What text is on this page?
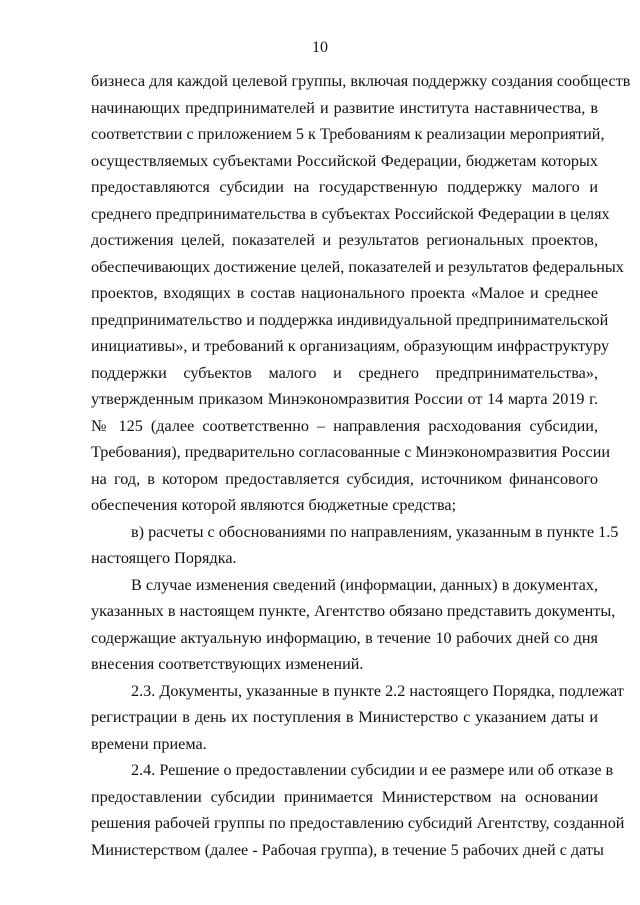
10
бизнеса для каждой целевой группы, включая поддержку создания сообществ
начинающих предпринимателей и развитие института наставничества, в
соответствии с приложением 5 к Требованиям к реализации мероприятий,
осуществляемых субъектами Российской Федерации, бюджетам которых
предоставляются субсидии на государственную поддержку малого и
среднего предпринимательства в субъектах Российской Федерации в целях
достижения целей, показателей и результатов региональных проектов,
обеспечивающих достижение целей, показателей и результатов федеральных
проектов, входящих в состав национального проекта «Малое и среднее
предпринимательство и поддержка индивидуальной предпринимательской
инициативы», и требований к организациям, образующим инфраструктуру
поддержки субъектов малого и среднего предпринимательства»,
утвержденным приказом Минэкономразвития России от 14 марта 2019 г.
№ 125 (далее соответственно – направления расходования субсидии,
Требования), предварительно согласованные с Минэкономразвития России
на год, в котором предоставляется субсидия, источником финансового
обеспечения которой являются бюджетные средства;
в) расчеты с обоснованиями по направлениям, указанным в пункте 1.5
настоящего Порядка.
В случае изменения сведений (информации, данных) в документах,
указанных в настоящем пункте, Агентство обязано представить документы,
содержащие актуальную информацию, в течение 10 рабочих дней со дня
внесения соответствующих изменений.
2.3. Документы, указанные в пункте 2.2 настоящего Порядка, подлежат
регистрации в день их поступления в Министерство с указанием даты и
времени приема.
2.4. Решение о предоставлении субсидии и ее размере или об отказе в
предоставлении субсидии принимается Министерством на основании
решения рабочей группы по предоставлению субсидий Агентству, созданной
Министерством (далее - Рабочая группа), в течение 5 рабочих дней с даты
